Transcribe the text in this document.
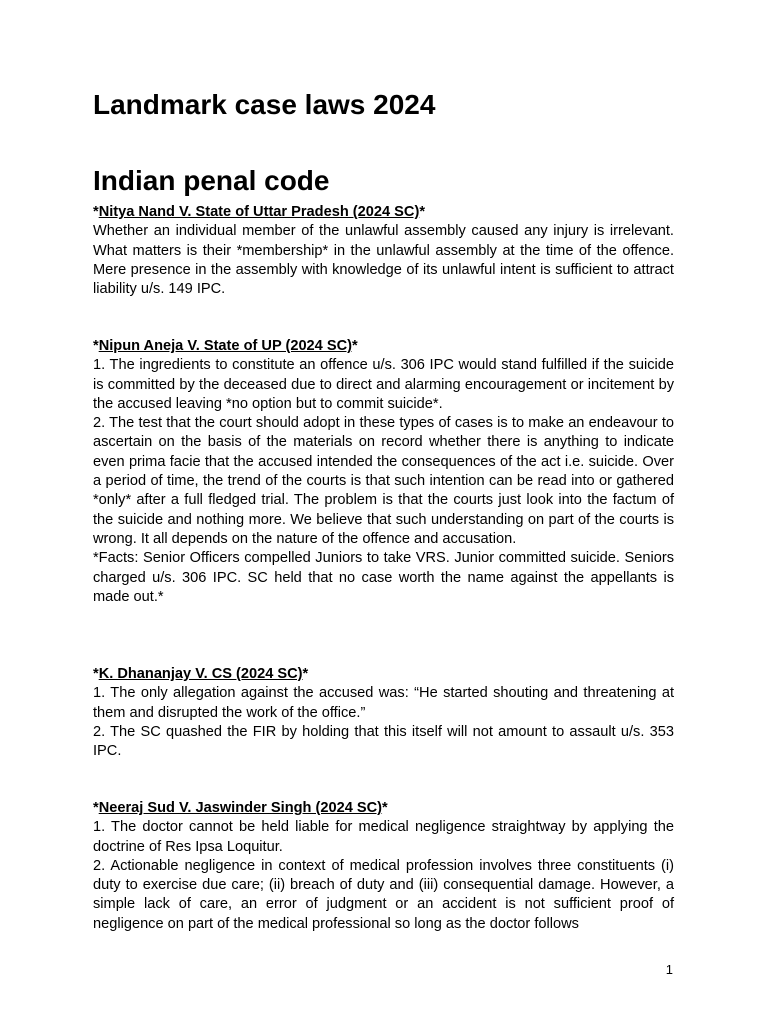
Landmark case laws 2024
Indian penal code

*Nitya Nand V. State of Uttar Pradesh (2024 SC)*

Whether an individual member of the unlawful assembly caused any injury is irrelevant. What matters is their *membership* in the unlawful assembly at the time of the offence. Mere presence in the assembly with knowledge of its unlawful intent is sufficient to attract liability u/s. 149 IPC.

*Nipun Aneja V. State of UP (2024 SC)*

1. The ingredients to constitute an offence u/s. 306 IPC would stand fulfilled if the suicide is committed by the deceased due to direct and alarming encouragement or incitement by the accused leaving *no option but to commit suicide*.

2. The test that the court should adopt in these types of cases is to make an endeavour to ascertain on the basis of the materials on record whether there is anything to indicate even prima facie that the accused intended the consequences of the act i.e. suicide. Over a period of time, the trend of the courts is that such intention can be read into or gathered *only* after a full fledged trial. The problem is that the courts just look into the factum of the suicide and nothing more. We believe that such understanding on part of the courts is wrong. It all depends on the nature of the offence and accusation.

*Facts: Senior Officers compelled Juniors to take VRS. Junior committed suicide. Seniors charged u/s. 306 IPC. SC held that no case worth the name against the appellants is made out.*

*K. Dhananjay V. CS (2024 SC)*

1. The only allegation against the accused was: “He started shouting and threatening at them and disrupted the work of the office.”

2. The SC quashed the FIR by holding that this itself will not amount to assault u/s. 353 IPC.

*Neeraj Sud V. Jaswinder Singh (2024 SC)*

1. The doctor cannot be held liable for medical negligence straightway by applying the doctrine of Res Ipsa Loquitur.

2. Actionable negligence in context of medical profession involves three constituents (i) duty to exercise due care; (ii) breach of duty and (iii) consequential damage. However, a simple lack of care, an error of judgment or an accident is not sufficient proof of negligence on part of the medical professional so long as the doctor follows

1
